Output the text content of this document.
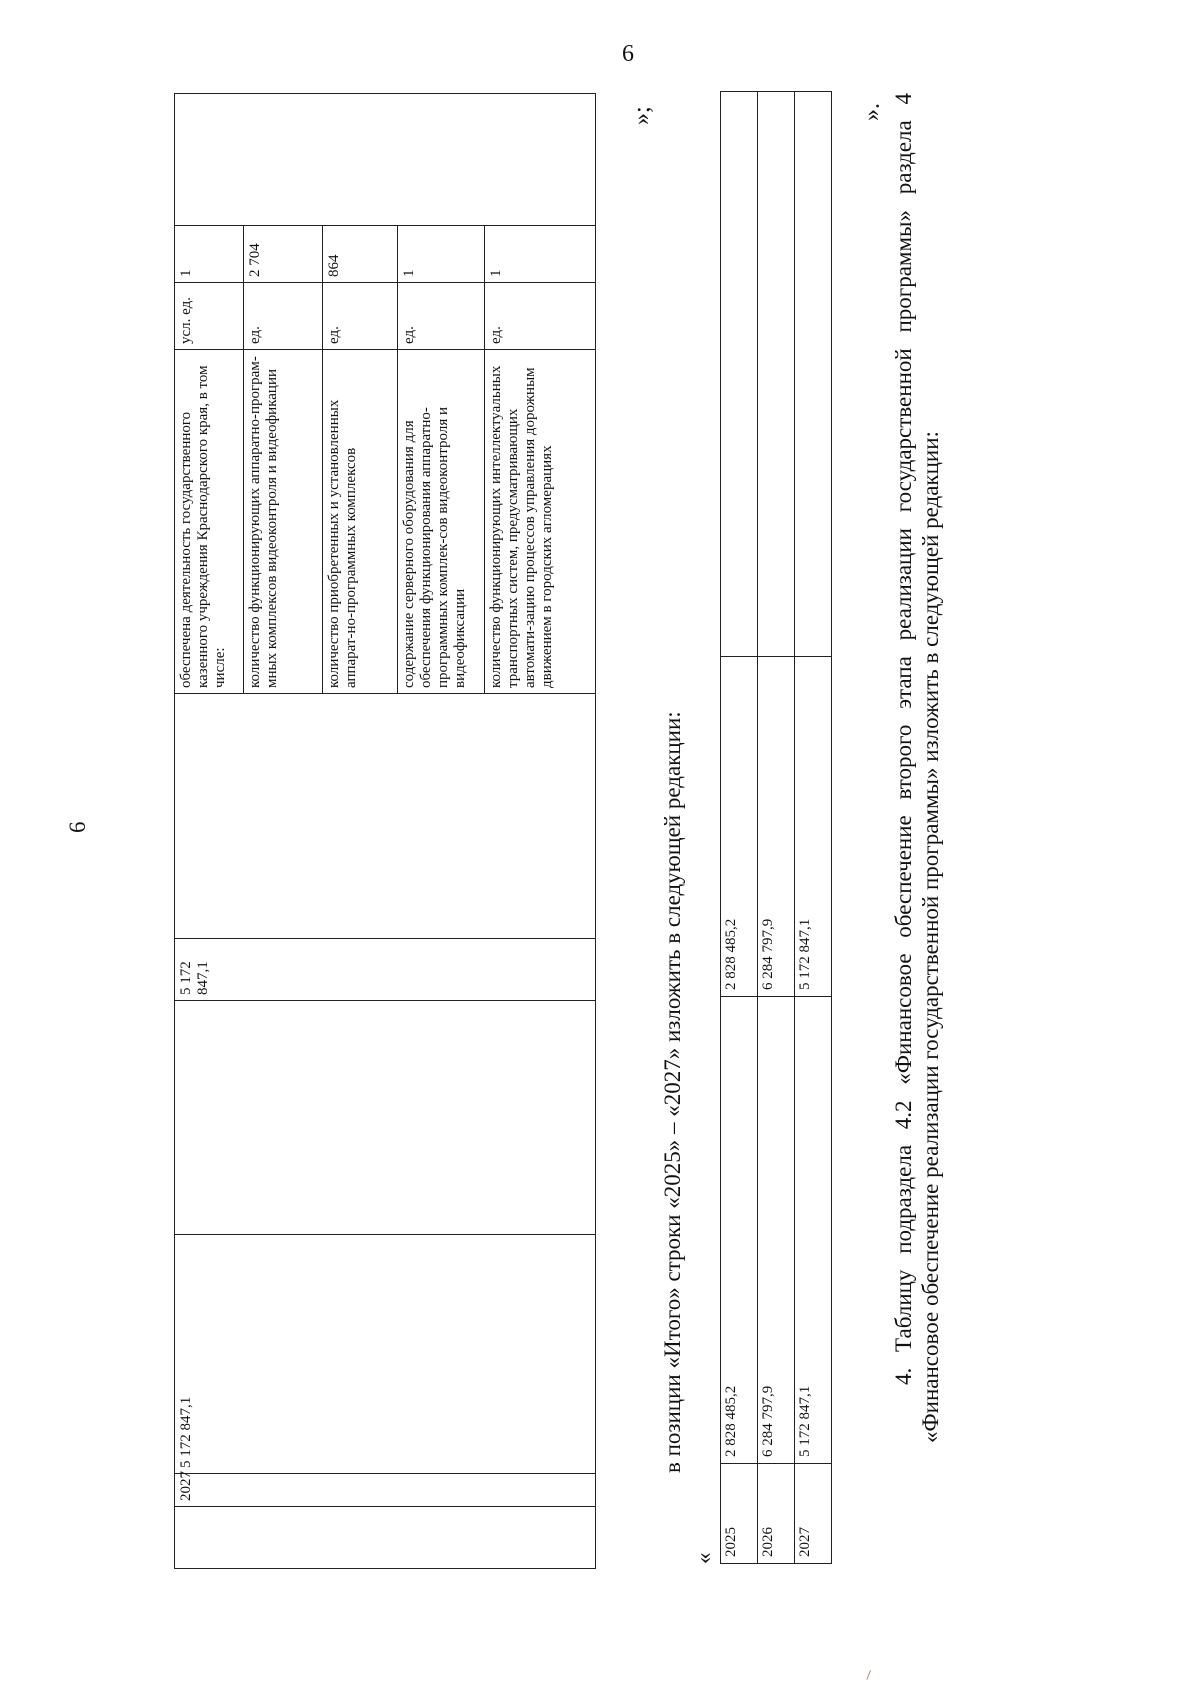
6
6
	2027	5 172 847,1		5 172 847,1		обеспечена деятельность государственного казенного учреждения Краснодарского края, в том числе:	усл. ед.	1	
						количество функционирующих аппаратно-програм-мных комплексов видеоконтроля и видеофикации	ед.	2 704	
						количество приобретенных и установленных аппарат-но-программных комплексов	ед.	864	
						содержание серверного оборудования для обеспечения функционирования аппаратно-программных комплек-сов видеоконтроля и видеофиксации	ед.	1	
						количество функционирующих интеллектуальных транспортных систем, предусматривающих автомати-зацию процессов управления дорожным движением в городских агломерациях	ед.	1	
»;
в позиции «Итого» строки «2025» – «2027» изложить в следующей редакции:
«
2025	2 828 485,2	2 828 485,2	
2026	6 284 797,9	6 284 797,9	
2027	5 172 847,1	5 172 847,1	
». 4. Таблицу подраздела 4.2 «Финансовое обеспечение второго этапа реализации государственной программы» раздела 4 «Финансовое обеспечение реализации государственной программы» изложить в следующей редакции:
